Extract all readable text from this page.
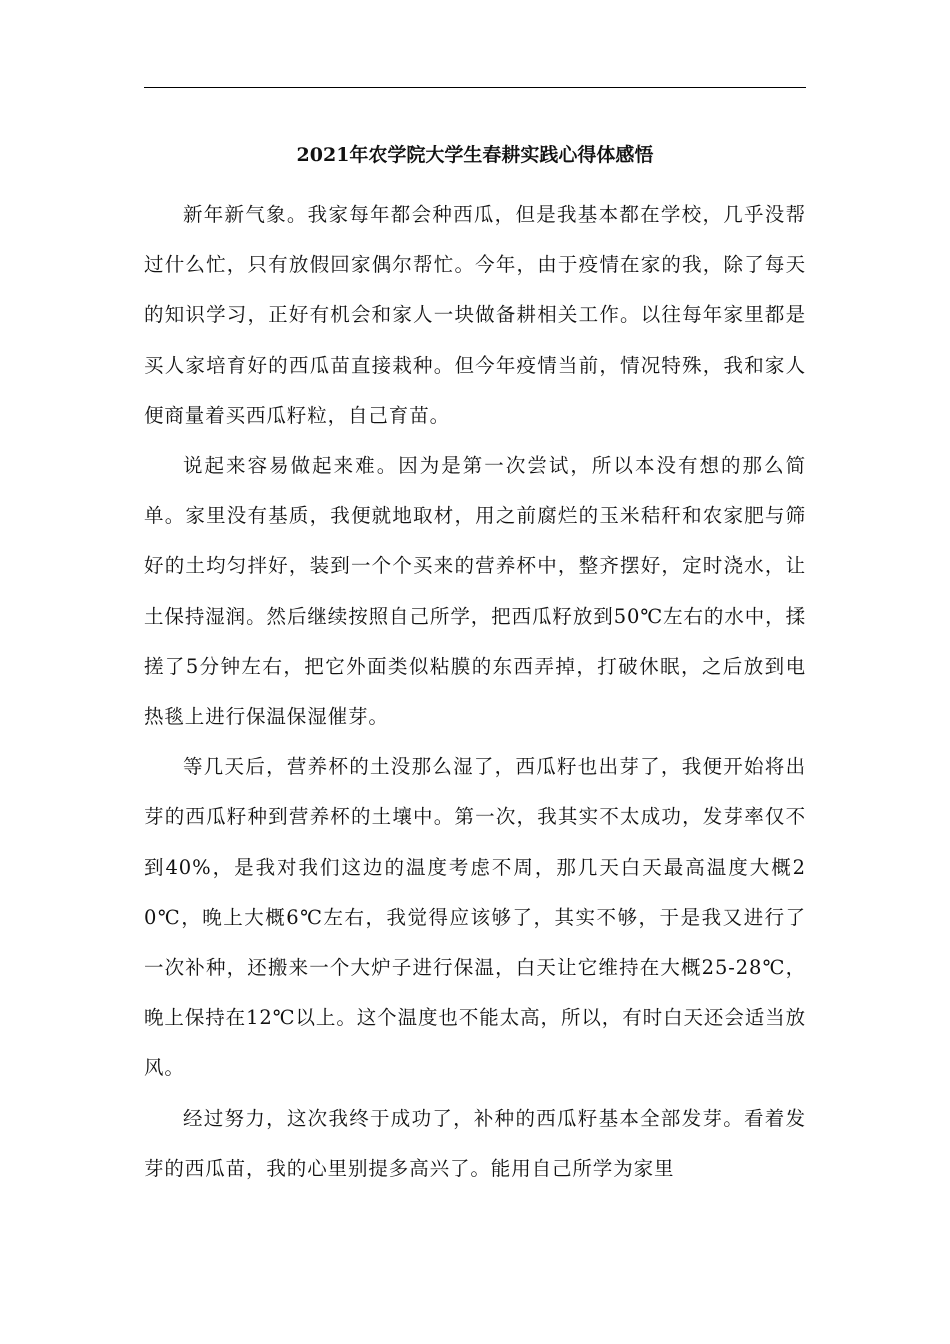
2021年农学院大学生春耕实践心得体感悟

新年新气象。我家每年都会种西瓜，但是我基本都在学校，几乎没帮过什么忙，只有放假回家偶尔帮忙。今年，由于疫情在家的我，除了每天的知识学习，正好有机会和家人一块做备耕相关工作。以往每年家里都是买人家培育好的西瓜苗直接栽种。但今年疫情当前，情况特殊，我和家人便商量着买西瓜籽粒，自己育苗。

说起来容易做起来难。因为是第一次尝试，所以本没有想的那么简单。家里没有基质，我便就地取材，用之前腐烂的玉米秸秆和农家肥与筛好的土均匀拌好，装到一个个买来的营养杯中，整齐摆好，定时浇水，让土保持湿润。然后继续按照自己所学，把西瓜籽放到50℃左右的水中，揉搓了5分钟左右，把它外面类似粘膜的东西弄掉，打破休眠，之后放到电热毯上进行保温保湿催芽。

等几天后，营养杯的土没那么湿了，西瓜籽也出芽了，我便开始将出芽的西瓜籽种到营养杯的土壤中。第一次，我其实不太成功，发芽率仅不到40%，是我对我们这边的温度考虑不周，那几天白天最高温度大概20℃，晚上大概6℃左右，我觉得应该够了，其实不够，于是我又进行了一次补种，还搬来一个大炉子进行保温，白天让它维持在大概25-28℃，晚上保持在12℃以上。这个温度也不能太高，所以，有时白天还会适当放风。

经过努力，这次我终于成功了，补种的西瓜籽基本全部发芽。看着发芽的西瓜苗，我的心里别提多高兴了。能用自己所学为家里
